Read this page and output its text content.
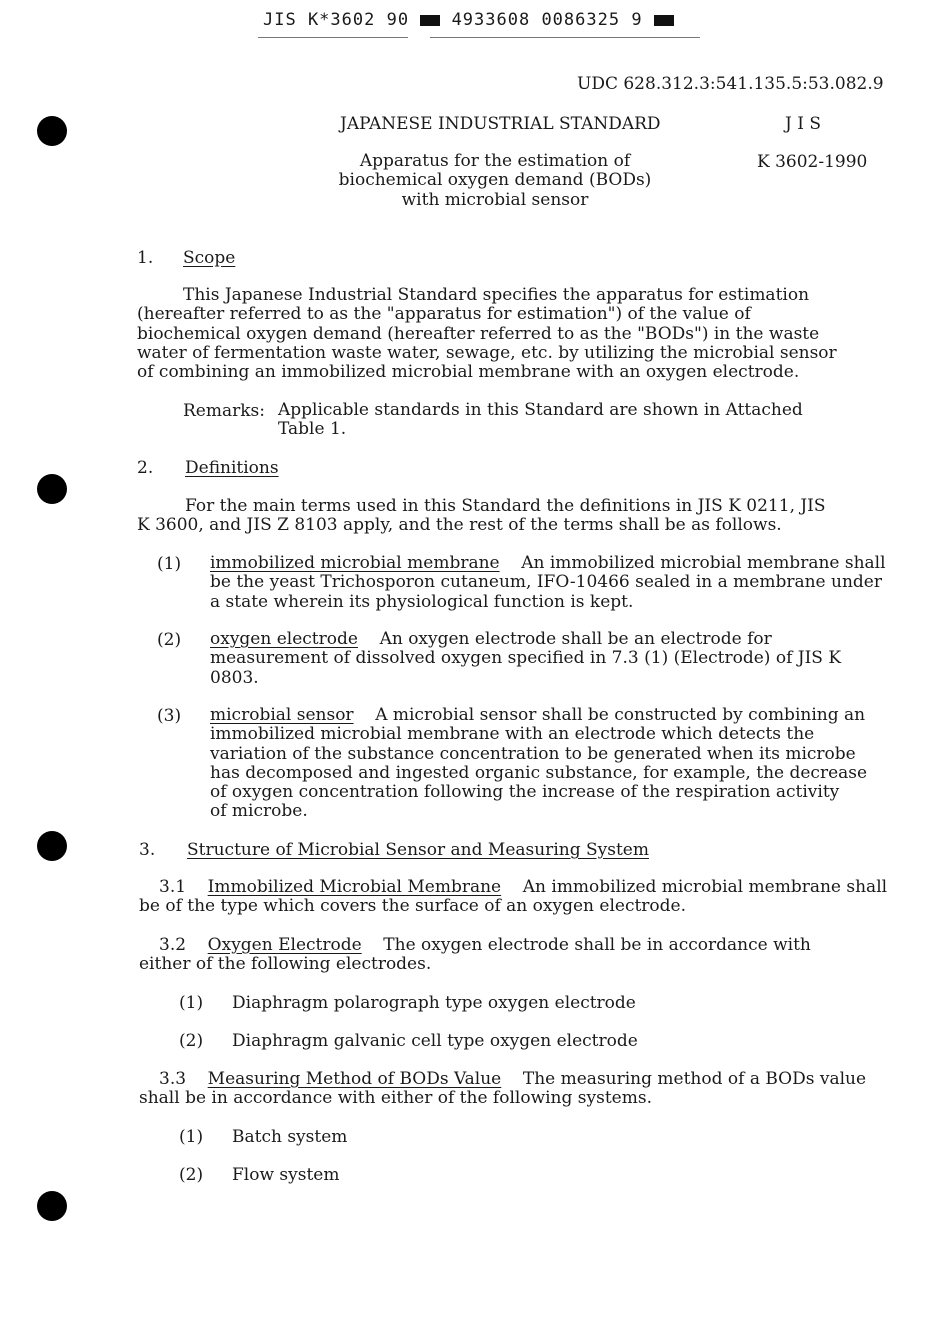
JIS K*3602 90	4933608 0086325 9
UDC 628.312.3:541.135.5:53.082.9
JAPANESE INDUSTRIAL STANDARD	J I S
K 3602-1990
Apparatus for the estimation of
biochemical oxygen demand (BODs)
with microbial sensor
1. Scope
This Japanese Industrial Standard specifies the apparatus for estimation
(hereafter referred to as the "apparatus for estimation") of the value of
biochemical oxygen demand (hereafter referred to as the "BODs") in the waste
water of fermentation waste water, sewage, etc. by utilizing the microbial sensor
of combining an immobilized microbial membrane with an oxygen electrode.
Remarks: Applicable standards in this Standard are shown in Attached
Table 1.
2. Definitions
For the main terms used in this Standard the definitions in JIS K 0211, JIS
K 3600, and JIS Z 8103 apply, and the rest of the terms shall be as follows.
(1) immobilized microbial membrane An immobilized microbial membrane shall
be the yeast Trichosporon cutaneum, IFO-10466 sealed in a membrane under
a state wherein its physiological function is kept.
(2) oxygen electrode An oxygen electrode shall be an electrode for
measurement of dissolved oxygen specified in 7.3 (1) (Electrode) of JIS K
0803.
(3) microbial sensor A microbial sensor shall be constructed by combining an
immobilized microbial membrane with an electrode which detects the
variation of the substance concentration to be generated when its microbe
has decomposed and ingested organic substance, for example, the decrease
of oxygen concentration following the increase of the respiration activity
of microbe.
3. Structure of Microbial Sensor and Measuring System
3.1 Immobilized Microbial Membrane An immobilized microbial membrane shall
be of the type which covers the surface of an oxygen electrode.
3.2 Oxygen Electrode The oxygen electrode shall be in accordance with
either of the following electrodes.
(1) Diaphragm polarograph type oxygen electrode
(2) Diaphragm galvanic cell type oxygen electrode
3.3 Measuring Method of BODs Value The measuring method of a BODs value
shall be in accordance with either of the following systems.
(1) Batch system
(2) Flow system
